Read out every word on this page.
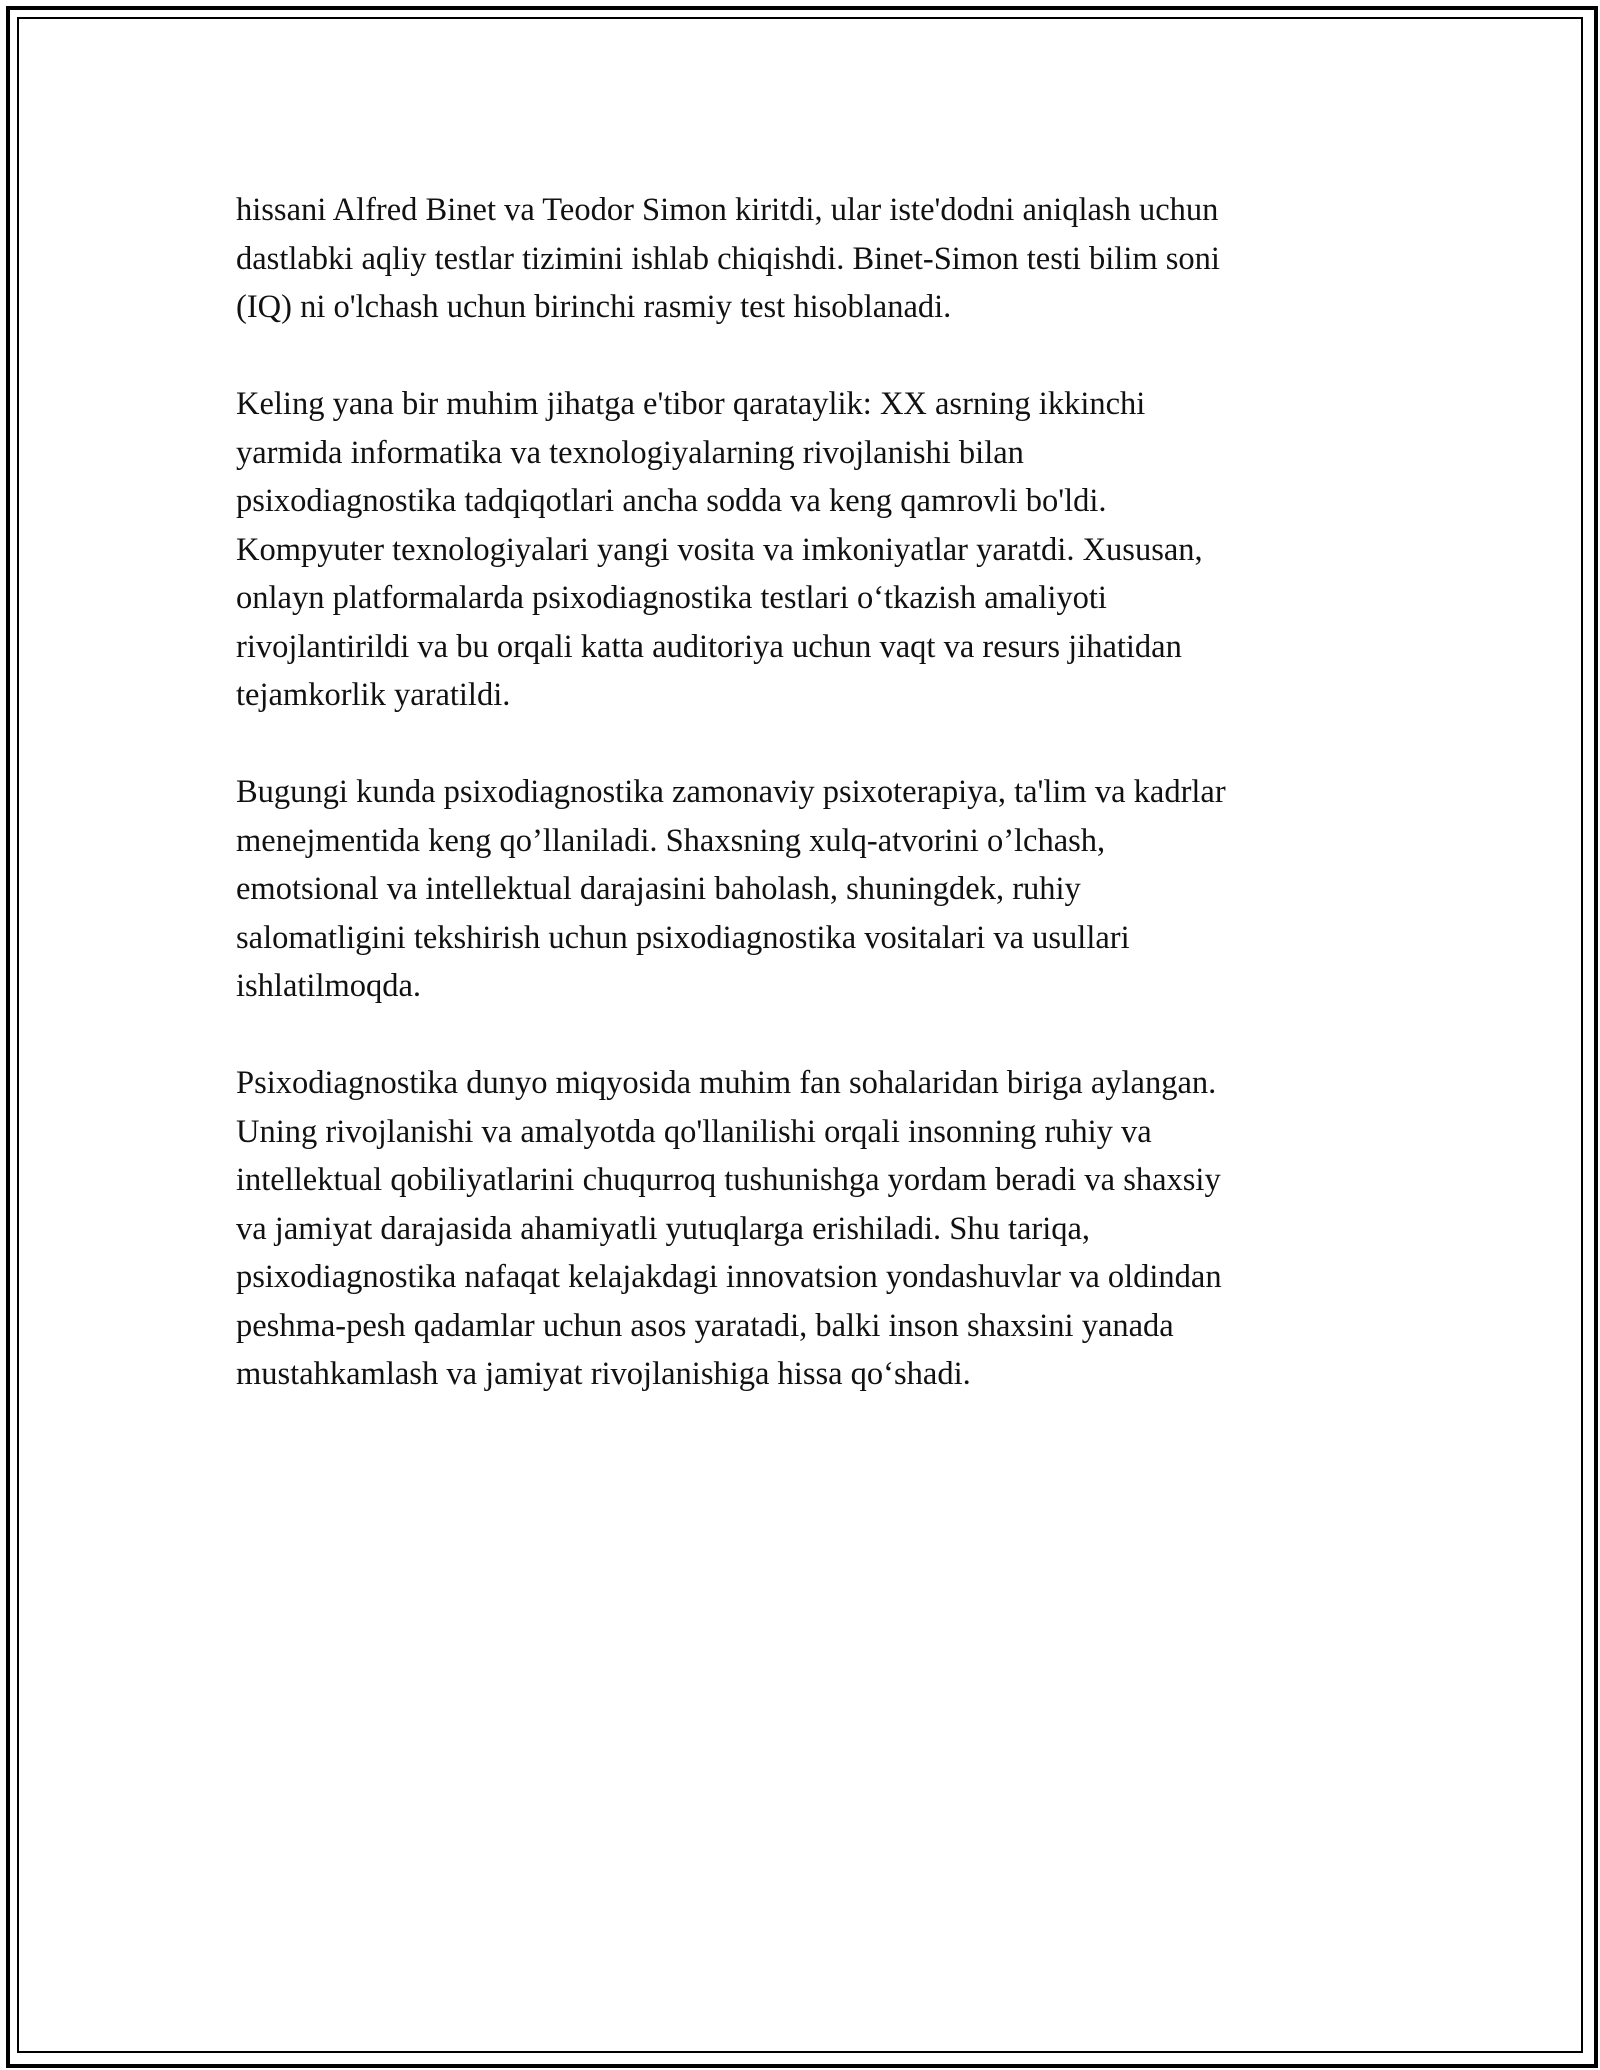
hissani Alfred Binet va Teodor Simon kiritdi, ular iste'dodni aniqlash uchun
dastlabki aqliy testlar tizimini ishlab chiqishdi. Binet-Simon testi bilim soni
(IQ) ni o'lchash uchun birinchi rasmiy test hisoblanadi.

Keling yana bir muhim jihatga e'tibor qarataylik: XX asrning ikkinchi
yarmida informatika va texnologiyalarning rivojlanishi bilan
psixodiagnostika tadqiqotlari ancha sodda va keng qamrovli bo'ldi.
Kompyuter texnologiyalari yangi vosita va imkoniyatlar yaratdi. Xususan,
onlayn platformalarda psixodiagnostika testlari o‘tkazish amaliyoti
rivojlantirildi va bu orqali katta auditoriya uchun vaqt va resurs jihatidan
tejamkorlik yaratildi.

Bugungi kunda psixodiagnostika zamonaviy psixoterapiya, ta'lim va kadrlar
menejmentida keng qo’llaniladi. Shaxsning xulq-atvorini o’lchash,
emotsional va intellektual darajasini baholash, shuningdek, ruhiy
salomatligini tekshirish uchun psixodiagnostika vositalari va usullari
ishlatilmoqda.

Psixodiagnostika dunyo miqyosida muhim fan sohalaridan biriga aylangan.
Uning rivojlanishi va amalyotda qo'llanilishi orqali insonning ruhiy va
intellektual qobiliyatlarini chuqurroq tushunishga yordam beradi va shaxsiy
va jamiyat darajasida ahamiyatli yutuqlarga erishiladi. Shu tariqa,
psixodiagnostika nafaqat kelajakdagi innovatsion yondashuvlar va oldindan
peshma-pesh qadamlar uchun asos yaratadi, balki inson shaxsini yanada
mustahkamlash va jamiyat rivojlanishiga hissa qo‘shadi.
